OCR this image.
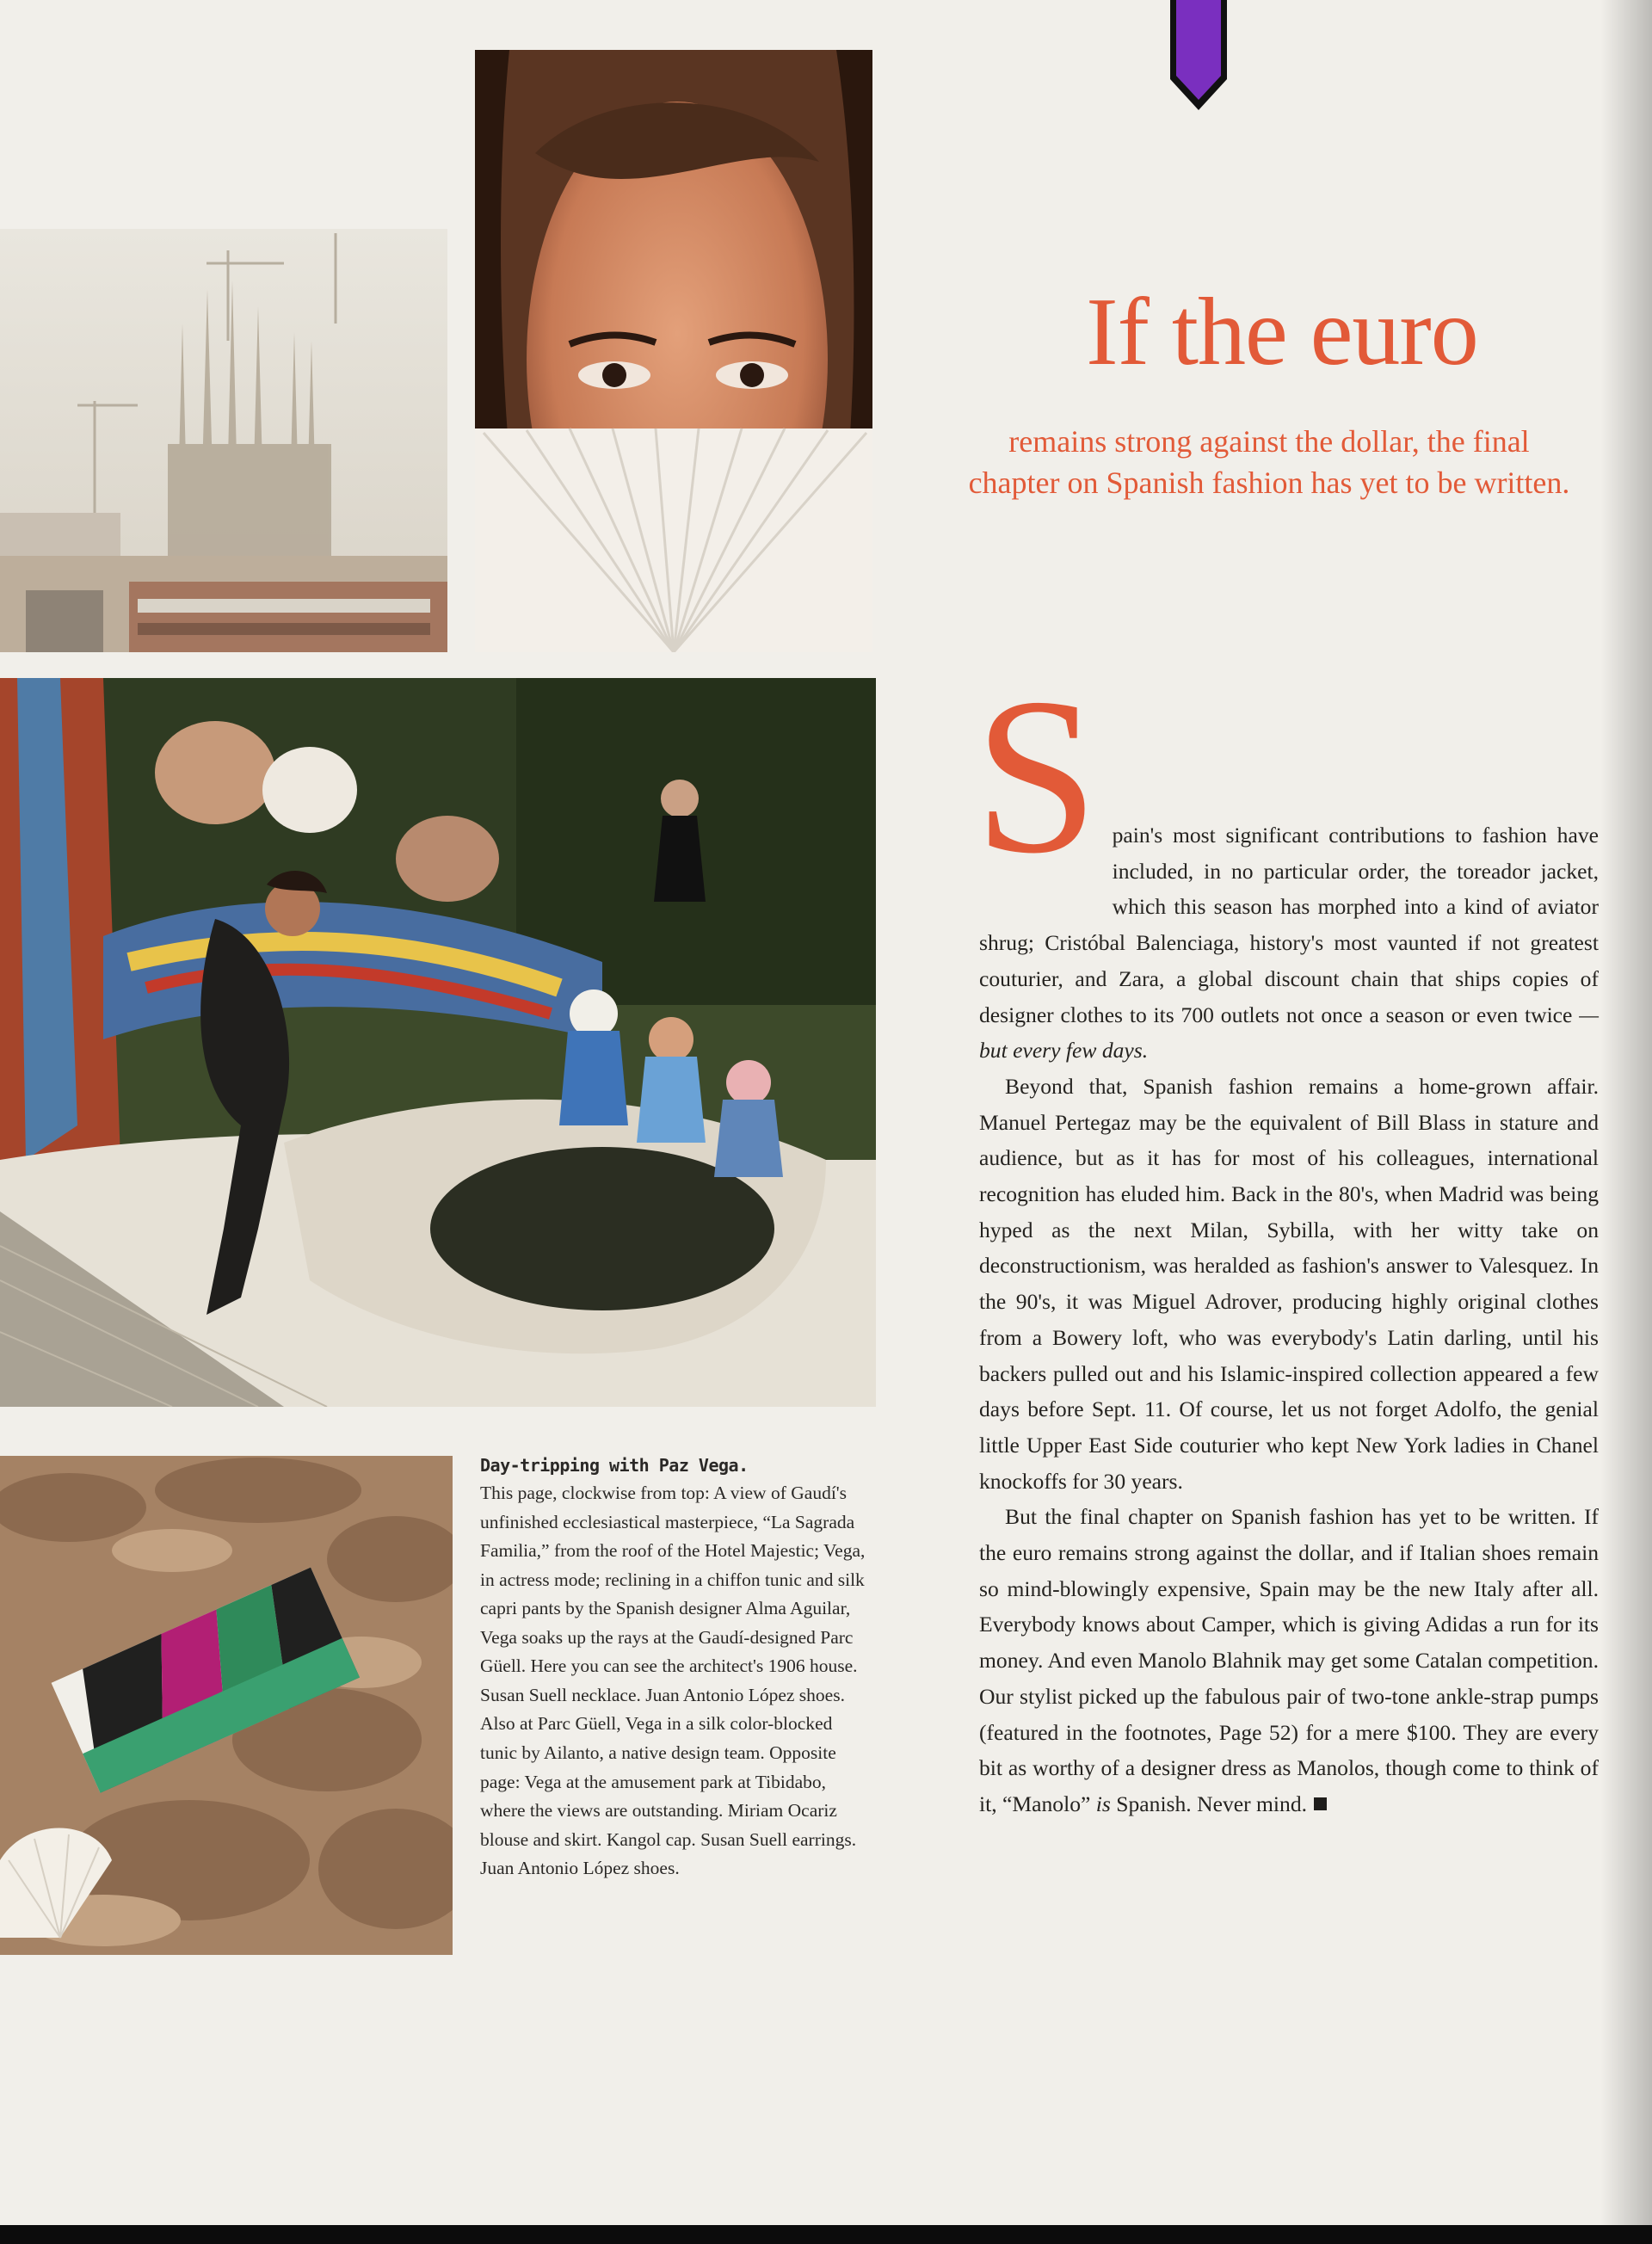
If the euro

remains strong against the dollar, the final chapter on Spanish fashion has yet to be written.

Day-tripping with Paz Vega.
This page, clockwise from top: A view of Gaudí's unfinished ecclesiastical masterpiece, “La Sagrada Familia,” from the roof of the Hotel Majestic; Vega, in actress mode; reclining in a chiffon tunic and silk capri pants by the Spanish designer Alma Aguilar, Vega soaks up the rays at the Gaudí-designed Parc Güell. Here you can see the architect's 1906 house. Susan Suell necklace. Juan Antonio López shoes. Also at Parc Güell, Vega in a silk color-blocked tunic by Ailanto, a native design team. Opposite page: Vega at the amusement park at Tibidabo, where the views are outstanding. Miriam Ocariz blouse and skirt. Kangol cap. Susan Suell earrings. Juan Antonio López shoes.

Spain's most significant contributions to fashion have included, in no particular order, the toreador jacket, which this season has morphed into a kind of aviator shrug; Cristóbal Balenciaga, history's most vaunted if not greatest couturier, and Zara, a global discount chain that ships copies of designer clothes to its 700 outlets not once a season or even twice — but every few days.

Beyond that, Spanish fashion remains a home-grown affair. Manuel Pertegaz may be the equivalent of Bill Blass in stature and audience, but as it has for most of his colleagues, international recognition has eluded him. Back in the 80's, when Madrid was being hyped as the next Milan, Sybilla, with her witty take on deconstructionism, was heralded as fashion's answer to Valesquez. In the 90's, it was Miguel Adrover, producing highly original clothes from a Bowery loft, who was everybody's Latin darling, until his backers pulled out and his Islamic-inspired collection appeared a few days before Sept. 11. Of course, let us not forget Adolfo, the genial little Upper East Side couturier who kept New York ladies in Chanel knockoffs for 30 years.

But the final chapter on Spanish fashion has yet to be written. If the euro remains strong against the dollar, and if Italian shoes remain so mind-blowingly expensive, Spain may be the new Italy after all. Everybody knows about Camper, which is giving Adidas a run for its money. And even Manolo Blahnik may get some Catalan competition. Our stylist picked up the fabulous pair of two-tone ankle-strap pumps (featured in the footnotes, Page 52) for a mere $100. They are every bit as worthy of a designer dress as Manolos, though come to think of it, “Manolo” is Spanish. Never mind.
